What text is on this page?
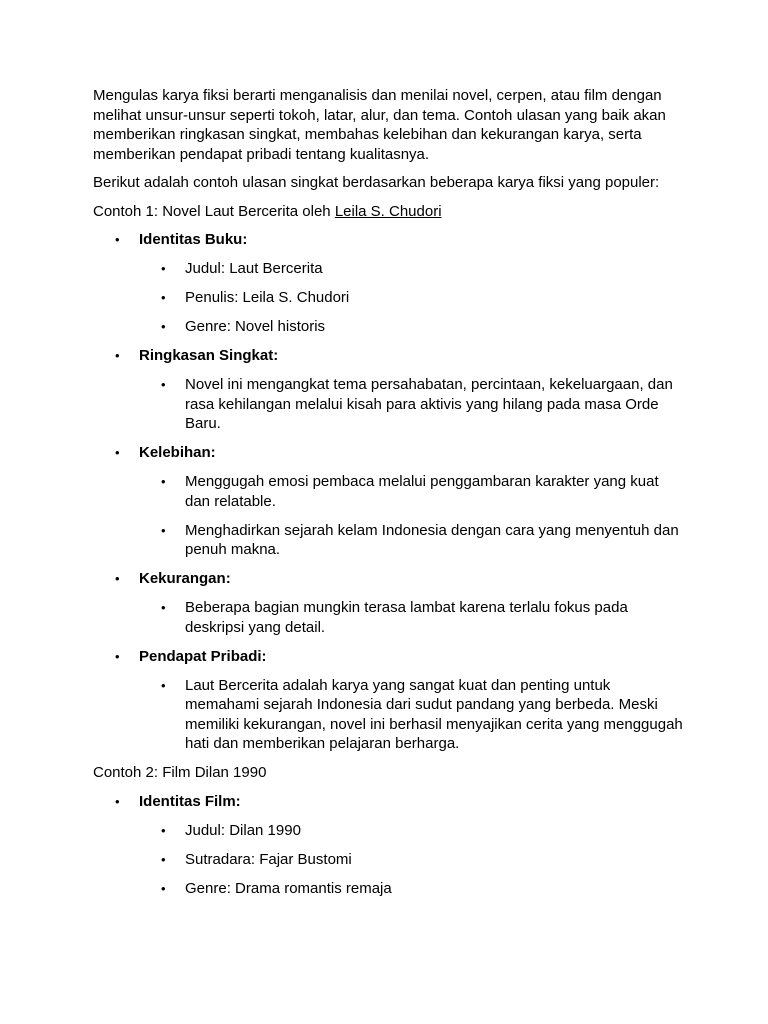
Mengulas karya fiksi berarti menganalisis dan menilai novel, cerpen, atau film dengan melihat unsur-unsur seperti tokoh, latar, alur, dan tema. Contoh ulasan yang baik akan memberikan ringkasan singkat, membahas kelebihan dan kekurangan karya, serta memberikan pendapat pribadi tentang kualitasnya.

Berikut adalah contoh ulasan singkat berdasarkan beberapa karya fiksi yang populer:

Contoh 1: Novel Laut Bercerita oleh Leila S. Chudori

• Identitas Buku:
• Judul: Laut Bercerita
• Penulis: Leila S. Chudori
• Genre: Novel historis
• Ringkasan Singkat:
• Novel ini mengangkat tema persahabatan, percintaan, kekeluargaan, dan rasa kehilangan melalui kisah para aktivis yang hilang pada masa Orde Baru.
• Kelebihan:
• Menggugah emosi pembaca melalui penggambaran karakter yang kuat dan relatable.
• Menghadirkan sejarah kelam Indonesia dengan cara yang menyentuh dan penuh makna.
• Kekurangan:
• Beberapa bagian mungkin terasa lambat karena terlalu fokus pada deskripsi yang detail.
• Pendapat Pribadi:
• Laut Bercerita adalah karya yang sangat kuat dan penting untuk memahami sejarah Indonesia dari sudut pandang yang berbeda. Meski memiliki kekurangan, novel ini berhasil menyajikan cerita yang menggugah hati dan memberikan pelajaran berharga.

Contoh 2: Film Dilan 1990

• Identitas Film:
• Judul: Dilan 1990
• Sutradara: Fajar Bustomi
• Genre: Drama romantis remaja
